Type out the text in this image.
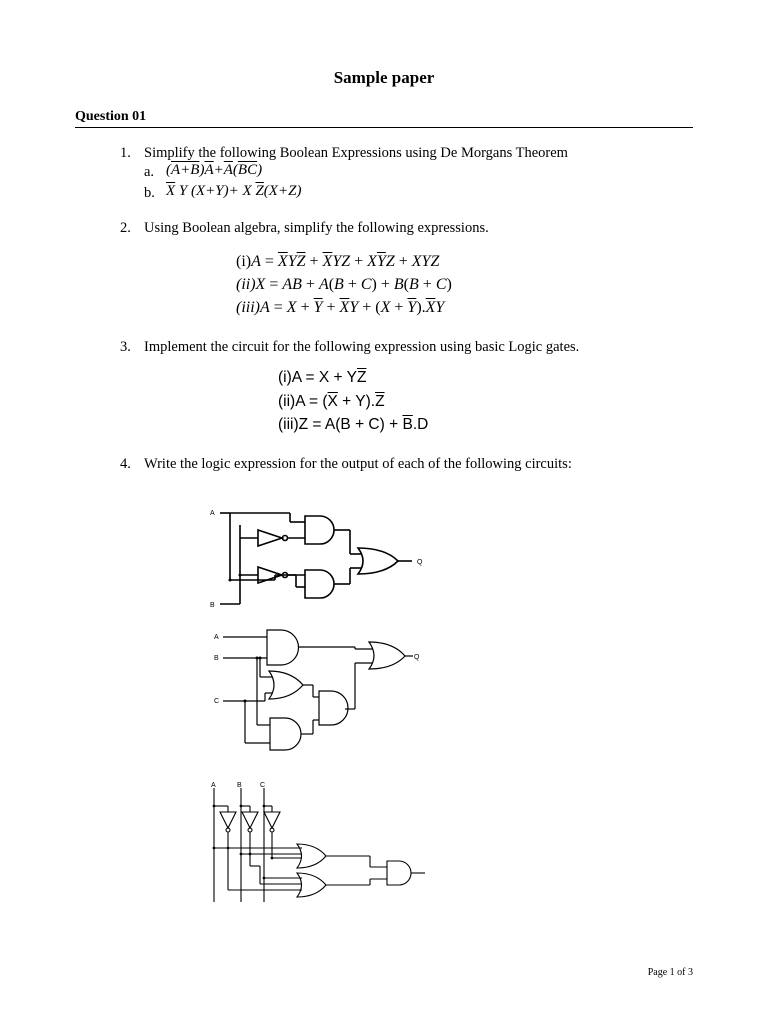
Sample paper
Question 01
1. Simplify the following Boolean Expressions using De Morgans Theorem
a. $(A+B)\overline{A}+\overline{A}(\overline{BC})$
b. $\overline{X}$ Y (X+Y)+ X $\overline{Z}(X+Z)$
2. Using Boolean algebra, simplify the following expressions.
$(i)A = \overline{X}Y\overline{Z} + \overline{X}YZ + X\overline{Y}Z$ + XYZ
(ii)X = AB + A(B + C) + B(B + C)
$(iii)A = X + \overline{Y} + \overline{X}Y + (X + \overline{Y}).\overline{X}Y$
3. Implement the circuit for the following expression using basic Logic gates.
$(i)A = X + Y\overline{Z}$
$(ii)A = (\overline{X} + Y).\overline{Z}$
$(iii)Z = A(B + C) + \overline{B}.D$
4. Write the logic expression for the output of each of the following circuits:
A
B
Q
A
B
C
Q
A	B	C
Page 1 of 3
